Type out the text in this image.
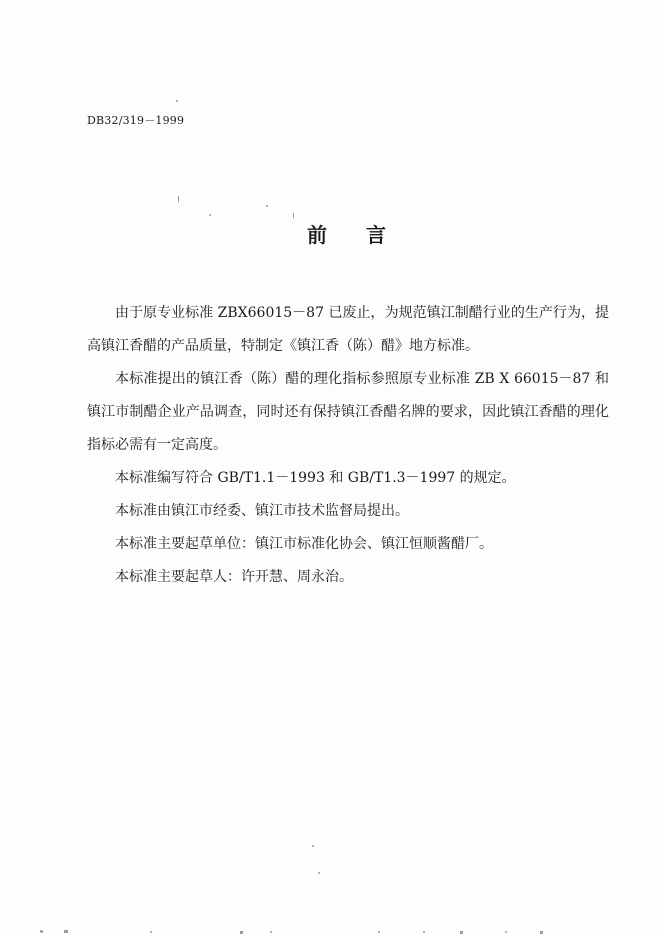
DB32/319－1999
前 言

由于原专业标准 ZBX66015－87 已废止，为规范镇江制醋行业的生产行为，提高镇江香醋的产品质量，特制定《镇江香（陈）醋》地方标准。

本标准提出的镇江香（陈）醋的理化指标参照原专业标准 ZB X 66015－87 和镇江市制醋企业产品调查，同时还有保持镇江香醋名牌的要求，因此镇江香醋的理化指标必需有一定高度。

本标准编写符合 GB/T1.1－1993 和 GB/T1.3－1997 的规定。

本标准由镇江市经委、镇江市技术监督局提出。

本标准主要起草单位：镇江市标准化协会、镇江恒顺酱醋厂。

本标准主要起草人：许开慧、周永治。
